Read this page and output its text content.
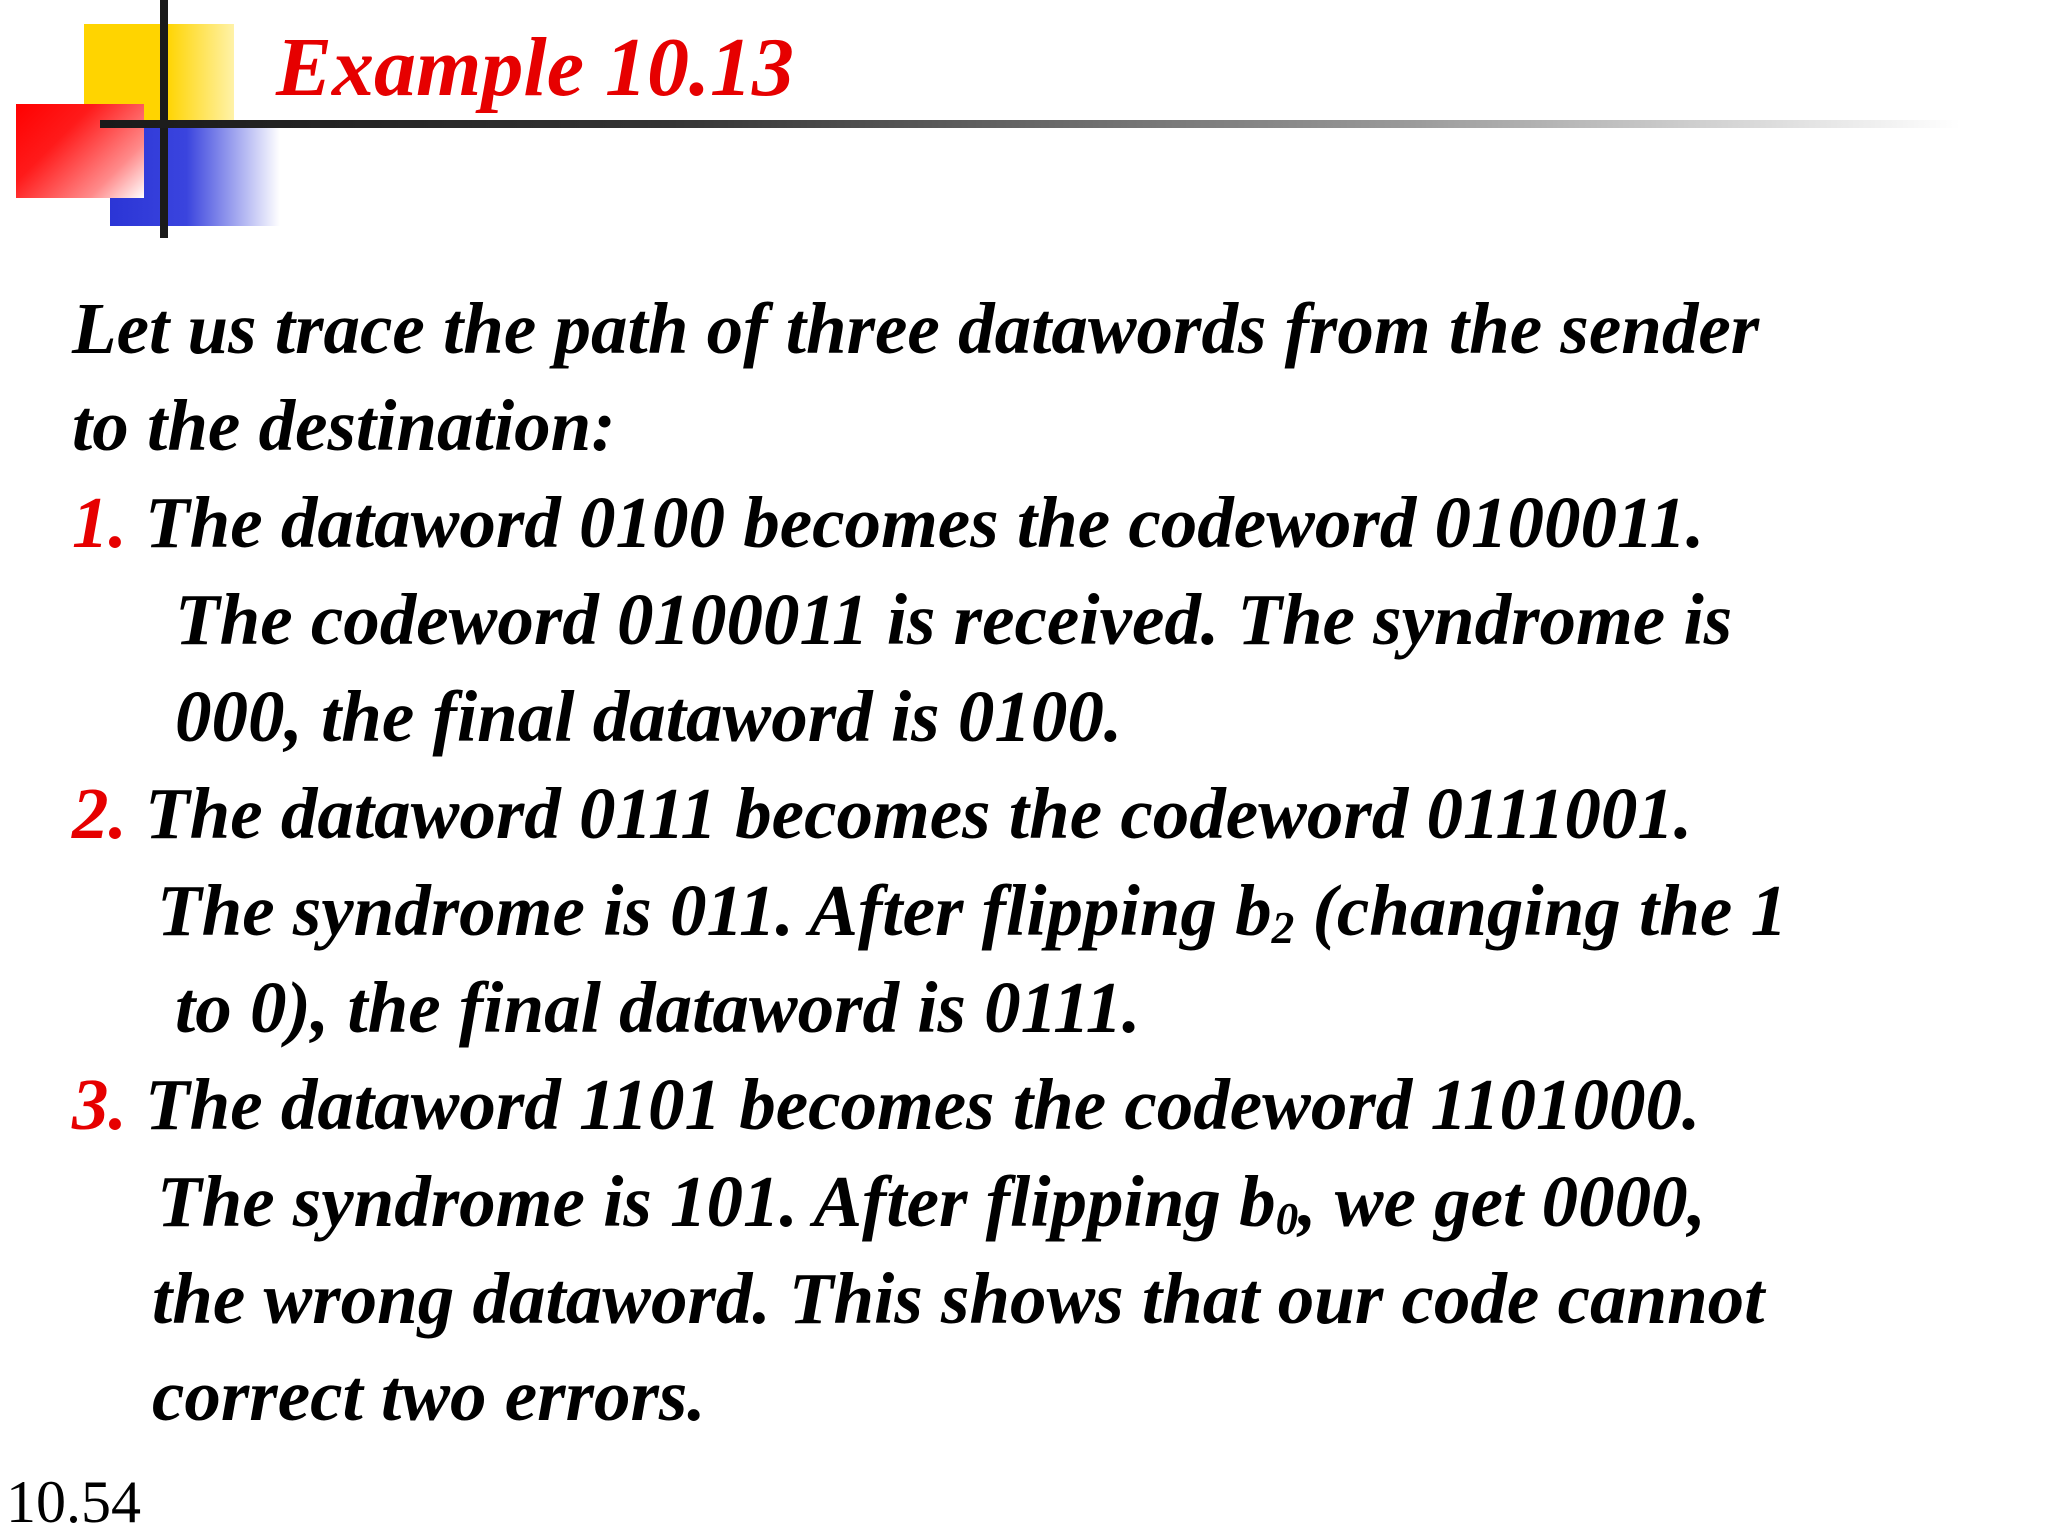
Example 10.13
Let us trace the path of three datawords from the sender
to the destination:
1. The dataword 0100 becomes the codeword 0100011.
The codeword 0100011 is received. The syndrome is
000, the final dataword is 0100.
2. The dataword 0111 becomes the codeword 0111001.
The syndrome is 011. After flipping $b_2$ (changing the 1
to 0), the final dataword is 0111.
3. The dataword 1101 becomes the codeword 1101000.
The syndrome is 101. After flipping $b_0$, we get 0000,
the wrong dataword. This shows that our code cannot
correct two errors.
10.54
